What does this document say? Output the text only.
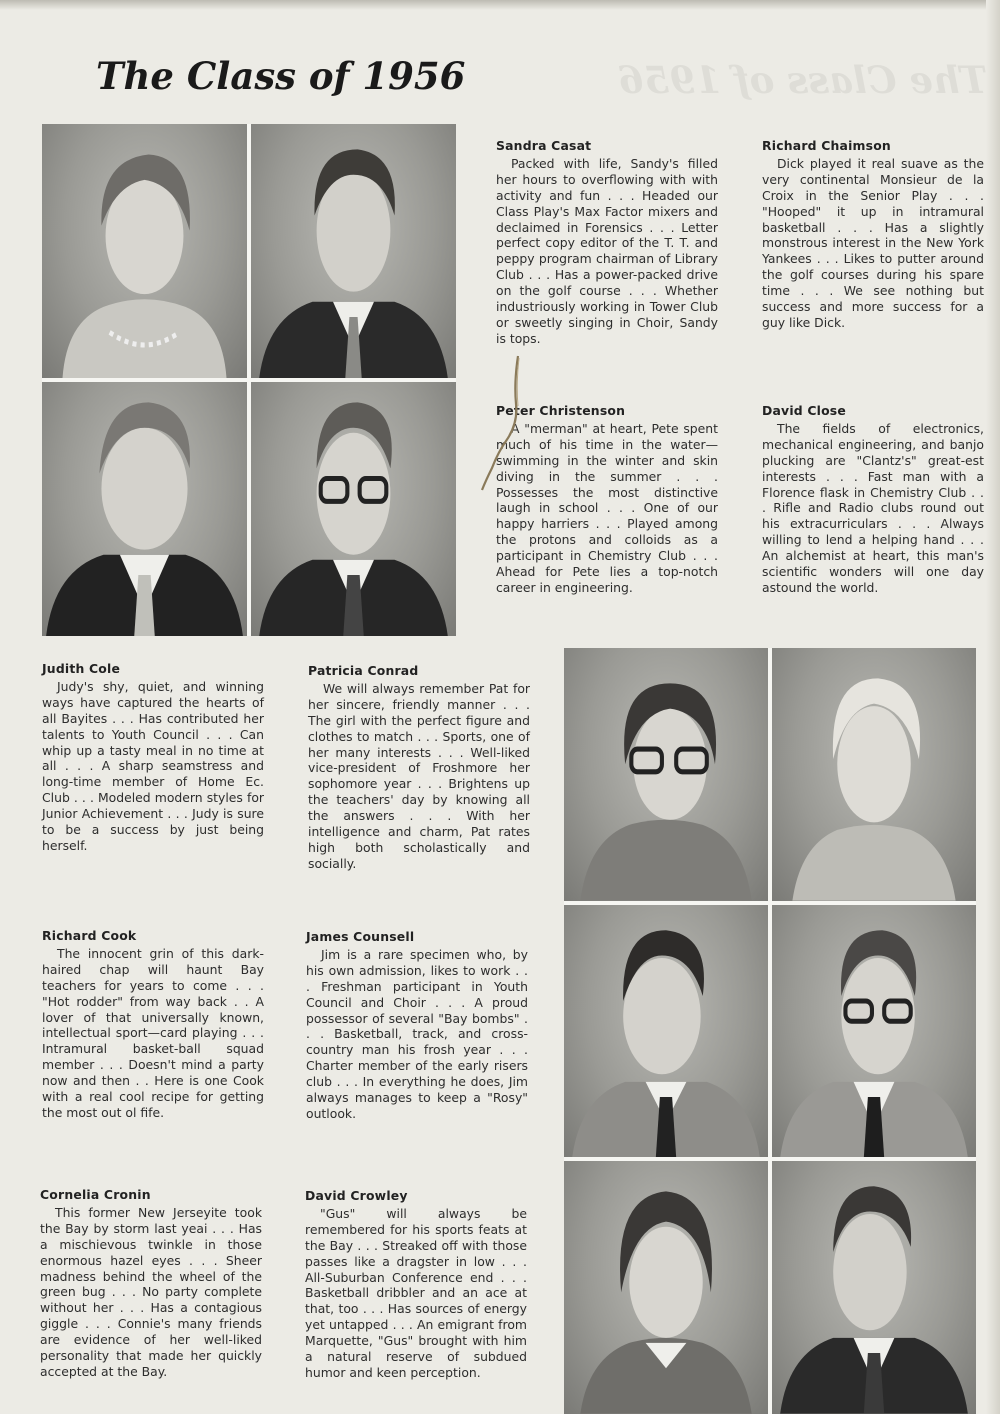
The Class of 1956	The Class of 1956
Sandra Casat
Packed with life, Sandy's filled her hours to overflowing with with activity and fun . . . Headed our Class Play's Max Factor mixers and declaimed in Forensics . . . Letter perfect copy editor of the T. T. and peppy program chairman of Library Club . . . Has a power-packed drive on the golf course . . . Whether industriously working in Tower Club or sweetly singing in Choir, Sandy is tops.
Richard Chaimson
Dick played it real suave as the very continental Monsieur de la Croix in the Senior Play . . . "Hooped" it up in intramural basketball . . . Has a slightly monstrous interest in the New York Yankees . . . Likes to putter around the golf courses during his spare time . . . We see nothing but success and more success for a guy like Dick.
Peter Christenson
A "merman" at heart, Pete spent much of his time in the water—swimming in the winter and skin diving in the summer . . . Possesses the most distinctive laugh in school . . . One of our happy harriers . . . Played among the protons and colloids as a participant in Chemistry Club . . . Ahead for Pete lies a top-notch career in engineering.
David Close
The fields of electronics, mechanical engineering, and banjo plucking are "Clantz's" great-est interests . . . Fast man with a Florence flask in Chemistry Club . . . Rifle and Radio clubs round out his extracurriculars . . . Always willing to lend a helping hand . . . An alchemist at heart, this man's scientific wonders will one day astound the world.
Judith Cole
Judy's shy, quiet, and winning ways have captured the hearts of all Bayites . . . Has contributed her talents to Youth Council . . . Can whip up a tasty meal in no time at all . . . A sharp seamstress and long-time member of Home Ec. Club . . . Modeled modern styles for Junior Achievement . . . Judy is sure to be a success by just being herself.
Patricia Conrad
We will always remember Pat for her sincere, friendly manner . . . The girl with the perfect figure and clothes to match . . . Sports, one of her many interests . . . Well-liked vice-president of Froshmore her sophomore year . . . Brightens up the teachers' day by knowing all the answers . . . With her intelligence and charm, Pat rates high both scholastically and socially.
Richard Cook
The innocent grin of this dark-haired chap will haunt Bay teachers for years to come . . . "Hot rodder" from way back . . A lover of that universally known, intellectual sport—card playing . . . Intramural basket-ball squad member . . . Doesn't mind a party now and then . . Here is one Cook with a real cool recipe for getting the most out ol fife.
James Counsell
Jim is a rare specimen who, by his own admission, likes to work . . . Freshman participant in Youth Council and Choir . . . A proud possessor of several "Bay bombs" . . . Basketball, track, and cross-country man his frosh year . . . Charter member of the early risers club . . . In everything he does, Jim always manages to keep a "Rosy" outlook.
Cornelia Cronin
This former New Jerseyite took the Bay by storm last yeai . . . Has a mischievous twinkle in those enormous hazel eyes . . . Sheer madness behind the wheel of the green bug . . . No party complete without her . . . Has a contagious giggle . . . Connie's many friends are evidence of her well-liked personality that made her quickly accepted at the Bay.
David Crowley
"Gus" will always be remembered for his sports feats at the Bay . . . Streaked off with those passes like a dragster in low . . . All-Suburban Conference end . . . Basketball dribbler and an ace at that, too . . . Has sources of energy yet untapped . . . An emigrant from Marquette, "Gus" brought with him a natural reserve of subdued humor and keen perception.
